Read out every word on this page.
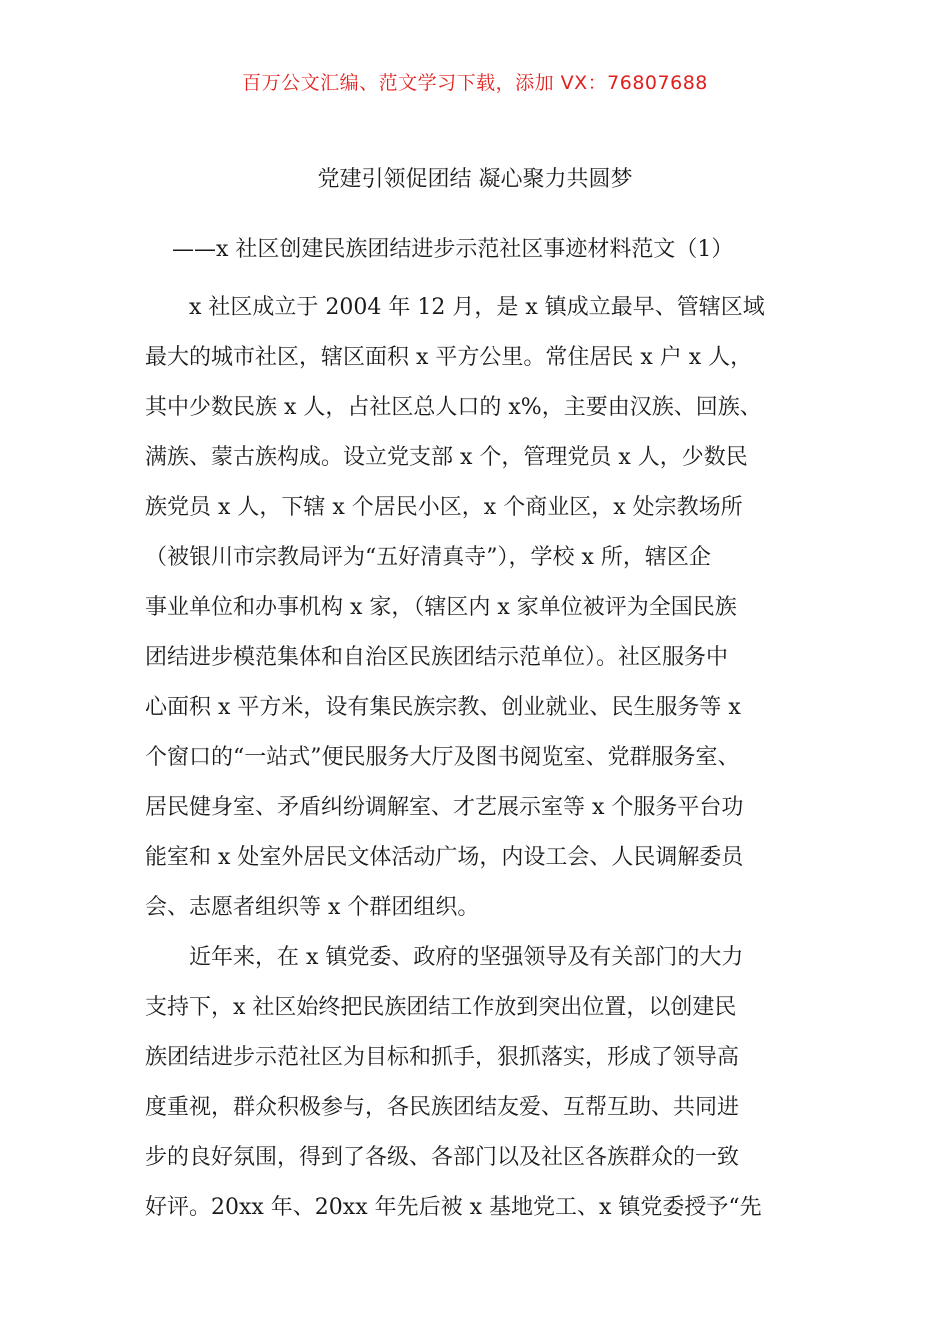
百万公文汇编、范文学习下载，添加 VX：76807688
党建引领促团结 凝心聚力共圆梦
——x 社区创建民族团结进步示范社区事迹材料范文（1）
　　x 社区成立于 2004 年 12 月，是 x 镇成立最早、管辖区域
最大的城市社区，辖区面积 x 平方公里。常住居民 x 户 x 人，
其中少数民族 x 人，占社区总人口的 x%，主要由汉族、回族、
满族、蒙古族构成。设立党支部 x 个，管理党员 x 人，少数民
族党员 x 人，下辖 x 个居民小区，x 个商业区，x 处宗教场所
（被银川市宗教局评为“五好清真寺”），学校 x 所，辖区企
事业单位和办事机构 x 家，（辖区内 x 家单位被评为全国民族
团结进步模范集体和自治区民族团结示范单位）。社区服务中
心面积 x 平方米，设有集民族宗教、创业就业、民生服务等 x
个窗口的“一站式”便民服务大厅及图书阅览室、党群服务室、
居民健身室、矛盾纠纷调解室、才艺展示室等 x 个服务平台功
能室和 x 处室外居民文体活动广场，内设工会、人民调解委员
会、志愿者组织等 x 个群团组织。
　　近年来，在 x 镇党委、政府的坚强领导及有关部门的大力
支持下，x 社区始终把民族团结工作放到突出位置，以创建民
族团结进步示范社区为目标和抓手，狠抓落实，形成了领导高
度重视，群众积极参与，各民族团结友爱、互帮互助、共同进
步的良好氛围，得到了各级、各部门以及社区各族群众的一致
好评。20xx 年、20xx 年先后被 x 基地党工、x 镇党委授予“先
